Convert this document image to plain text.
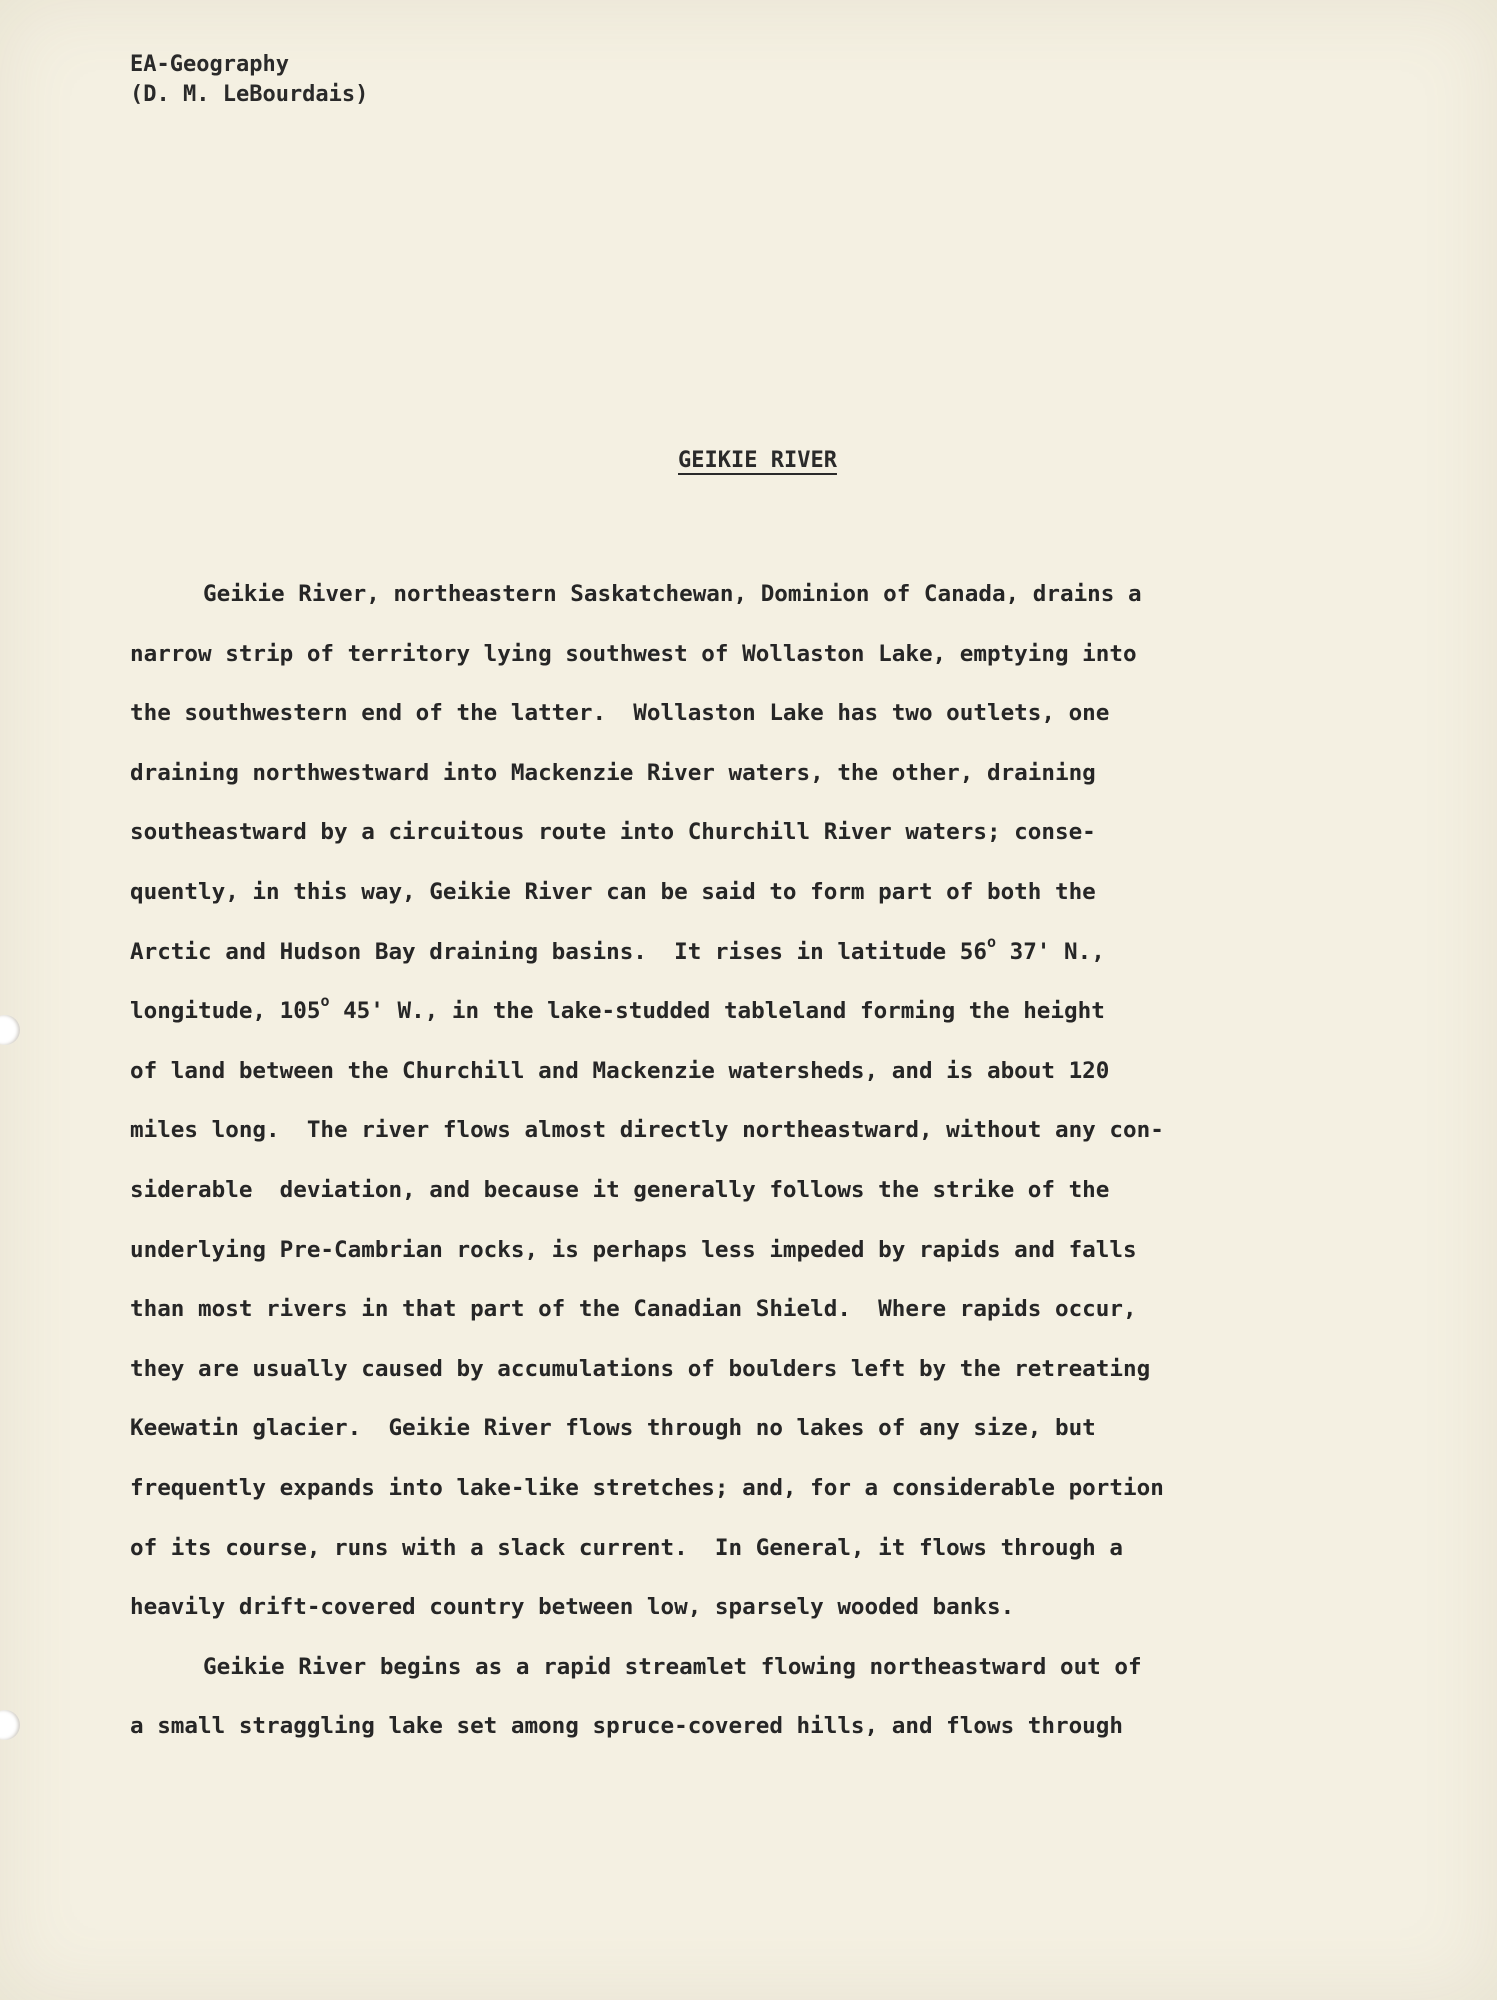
EA-Geography
(D. M. LeBourdais)
GEIKIE RIVER
Geikie River, northeastern Saskatchewan, Dominion of Canada, drains a
narrow strip of territory lying southwest of Wollaston Lake, emptying into
the southwestern end of the latter.  Wollaston Lake has two outlets, one
draining northwestward into Mackenzie River waters, the other, draining
southeastward by a circuitous route into Churchill River waters; conse-
quently, in this way, Geikie River can be said to form part of both the
Arctic and Hudson Bay draining basins.  It rises in latitude 56$^o$ 37' N.,
longitude, 105$^o$ 45' W., in the lake-studded tableland forming the height
of land between the Churchill and Mackenzie watersheds, and is about 120
miles long.  The river flows almost directly northeastward, without any con-
siderable  deviation, and because it generally follows the strike of the
underlying Pre-Cambrian rocks, is perhaps less impeded by rapids and falls
than most rivers in that part of the Canadian Shield.  Where rapids occur,
they are usually caused by accumulations of boulders left by the retreating
Keewatin glacier.  Geikie River flows through no lakes of any size, but
frequently expands into lake-like stretches; and, for a considerable portion
of its course, runs with a slack current.  In General, it flows through a
heavily drift-covered country between low, sparsely wooded banks.
Geikie River begins as a rapid streamlet flowing northeastward out of
a small straggling lake set among spruce-covered hills, and flows through
